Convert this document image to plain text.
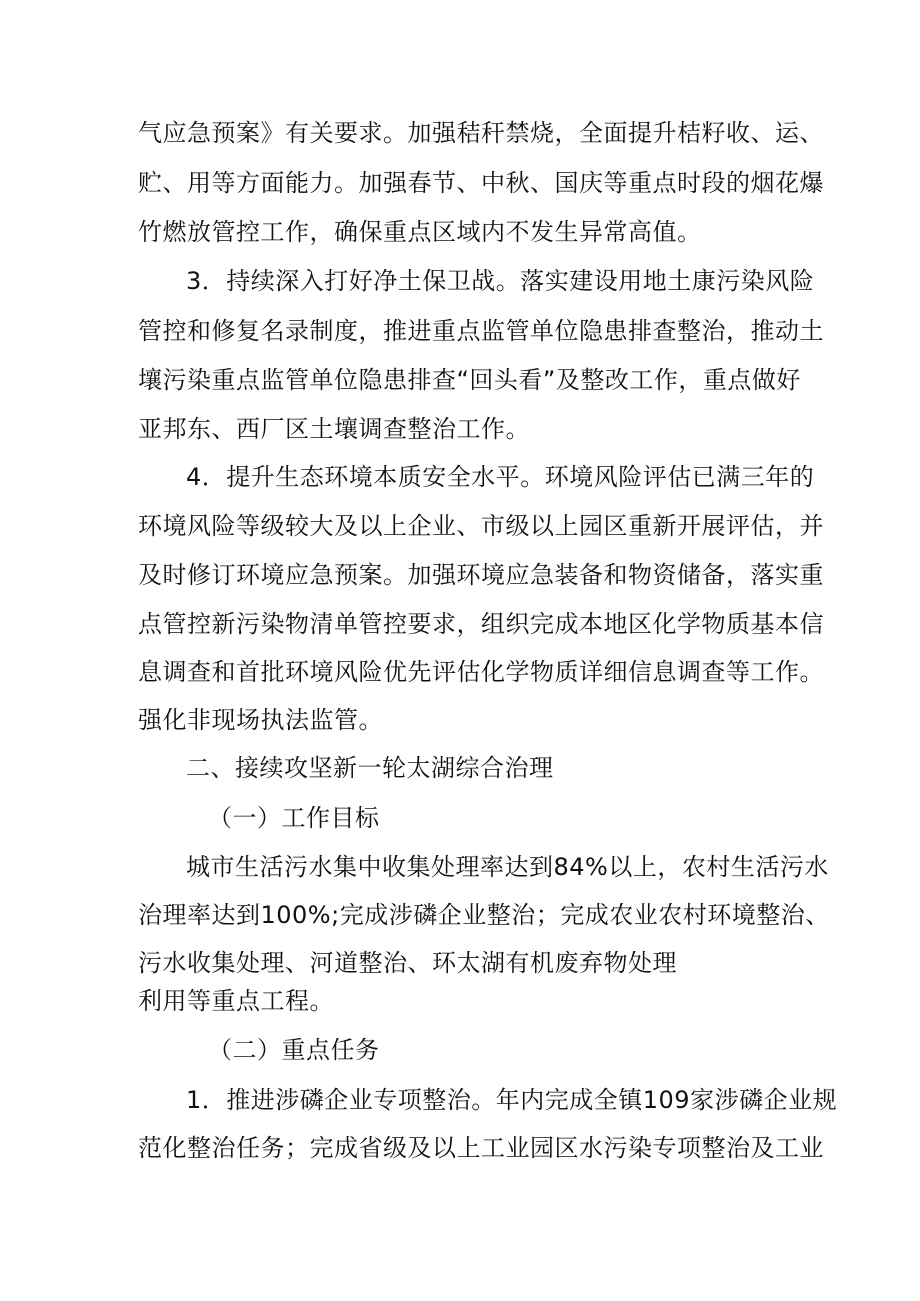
气应急预案》有关要求。加强秸秆禁烧，全面提升桔籽收、运、

贮、用等方面能力。加强春节、中秋、国庆等重点时段的烟花爆

竹燃放管控工作，确保重点区域内不发生异常高值。

3．持续深入打好净土保卫战。落实建设用地土康污染风险

管控和修复名录制度，推进重点监管单位隐患排查整治，推动土

壤污染重点监管单位隐患排查“回头看”及整改工作，重点做好

亚邦东、西厂区土壤调查整治工作。

4．提升生态环境本质安全水平。环境风险评估已满三年的

环境风险等级较大及以上企业、市级以上园区重新开展评估，并

及时修订环境应急预案。加强环境应急装备和物资储备，落实重

点管控新污染物清单管控要求，组织完成本地区化学物质基本信

息调查和首批环境风险优先评估化学物质详细信息调查等工作。

强化非现场执法监管。

二、接续攻坚新一轮太湖综合治理

（一）工作目标

城市生活污水集中收集处理率达到84%以上，农村生活污水

治理率达到100%;完成涉磷企业整治；完成农业农村环境整治、

污水收集处理、河道整治、环太湖有机废弃物处理

利用等重点工程。

（二）重点任务

1．推进涉磷企业专项整治。年内完成全镇109家涉磷企业规

范化整治任务；完成省级及以上工业园区水污染专项整治及工业
